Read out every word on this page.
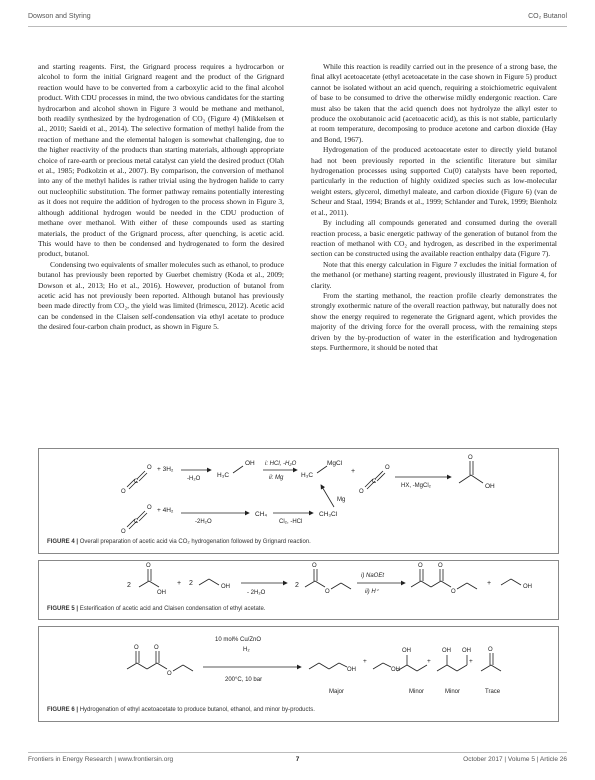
Dowson and Styring	CO₂ Butanol

and starting reagents. First, the Grignard process requires a hydrocarbon or alcohol to form the initial Grignard reagent and the product of the Grignard reaction would have to be converted from a carboxylic acid to the final alcohol product. With CDU processes in mind, the two obvious candidates for the starting hydrocarbon and alcohol shown in Figure 3 would be methane and methanol, both readily synthesized by the hydrogenation of CO₂ (Figure 4) (Mikkelsen et al., 2010; Saeidi et al., 2014). The selective formation of methyl halide from the reaction of methane and the elemental halogen is somewhat challenging, due to the higher reactivity of the products than starting materials, although appropriate choice of rare-earth or precious metal catalyst can yield the desired product (Olah et al., 1985; Podkolzin et al., 2007). By comparison, the conversion of methanol into any of the methyl halides is rather trivial using the hydrogen halide to carry out nucleophilic substitution. The former pathway remains potentially interesting as it does not require the addition of hydrogen to the process shown in Figure 3, although additional hydrogen would be needed in the CDU production of methane over methanol. With either of these compounds used as starting materials, the product of the Grignard process, after quenching, is acetic acid. This would have to then be condensed and hydrogenated to form the desired product, butanol.

Condensing two equivalents of smaller molecules such as ethanol, to produce butanol has previously been reported by Guerbet chemistry (Koda et al., 2009; Dowson et al., 2013; Ho et al., 2016). However, production of butanol from acetic acid has not previously been reported. Although butanol has previously been made directly from CO₂, the yield was limited (Irimescu, 2012). Acetic acid can be condensed in the Claisen self-condensation via ethyl acetate to produce the desired four-carbon chain product, as shown in Figure 5.

While this reaction is readily carried out in the presence of a strong base, the final alkyl acetoacetate (ethyl acetoacetate in the case shown in Figure 5) product cannot be isolated without an acid quench, requiring a stoichiometric equivalent of base to be consumed to drive the otherwise mildly endergonic reaction. Care must also be taken that the acid quench does not hydrolyze the alkyl ester to produce the oxobutanoic acid (acetoacetic acid), as this is not stable, particularly at room temperature, decomposing to produce acetone and carbon dioxide (Hay and Bond, 1967).

Hydrogenation of the produced acetoacetate ester to directly yield butanol had not been previously reported in the scientific literature but similar hydrogenation processes using supported Cu(0) catalysts have been reported, particularly in the reduction of highly oxidized species such as low-molecular weight esters, glycerol, dimethyl maleate, and carbon dioxide (Figure 6) (van de Scheur and Staal, 1994; Brands et al., 1999; Schlander and Turek, 1999; Bienholz et al., 2011).

By including all compounds generated and consumed during the overall reaction process, a basic energetic pathway of the generation of butanol from the reaction of methanol with CO₂ and hydrogen, as described in the experimental section can be constructed using the available reaction enthalpy data (Figure 7).

Note that this energy calculation in Figure 7 excludes the initial formation of the methanol (or methane) starting reagent, previously illustrated in Figure 4, for clarity.

From the starting methanol, the reaction profile clearly demonstrates the strongly exothermic nature of the overall reaction pathway, but naturally does not show the energy required to regenerate the Grignard agent, which provides the majority of the driving force for the overall process, with the remaining steps driven by the by-production of water in the esterification and hydrogenation steps. Furthermore, it should be noted that

O
O
C
+ 3H₂
-H₂O	H₃C
OH i: HCl, -H₂O
ii: Mg	H₃C
MgCl
+
O
O
C
HX, -MgCl₂
O
OH
Mg
O
O
C
+ 4H₂
-2H₂O
CH₄
Cl₂, -HCl
CH₃Cl
FIGURE 4 | Overall preparation of acetic acid via CO₂ hydrogenation followed by Grignard reaction.
2
O
OH
+ 2	OH
- 2H₂O
2
O
O
i) NaOEt
ii) H⁺
O	O
O
+	OH
FIGURE 5 | Esterification of acetic acid and Claisen condensation of ethyl acetate.
O	O
O
10 mol% Cu/ZnO
H₂
200°C, 10 bar
OH
Major
+
OH
+
OH
Minor
+
OH OH
Minor
O
Trace
FIGURE 6 | Hydrogenation of ethyl acetoacetate to produce butanol, ethanol, and minor by-products.
Frontiers in Energy Research | www.frontiersin.org	7	October 2017 | Volume 5 | Article 26
